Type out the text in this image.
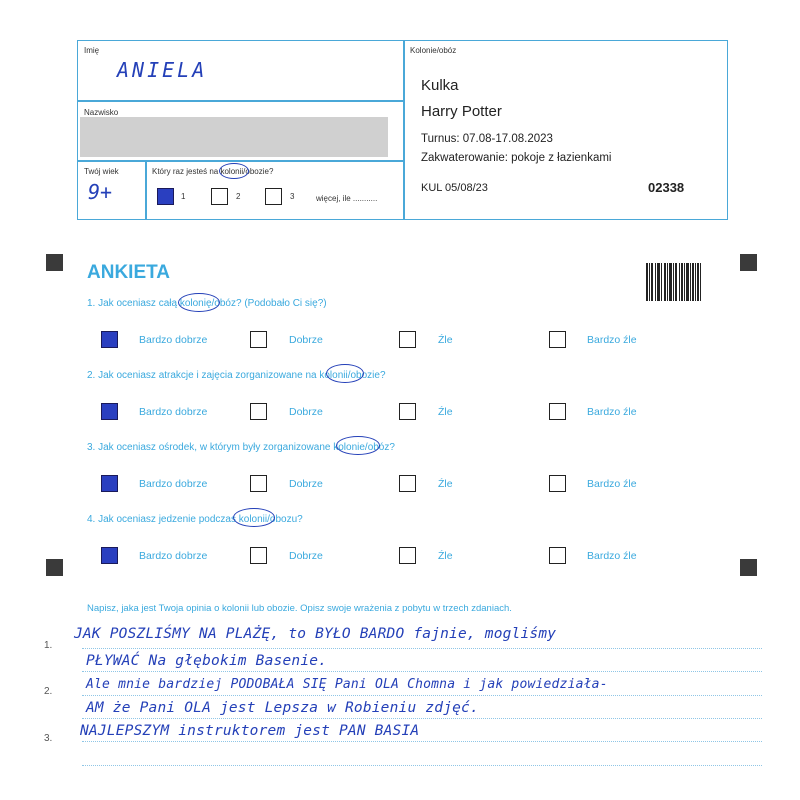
Imię
ANIELA
Nazwisko
Twój wiek
9+
Który raz jesteś na kolonii/obozie?
1	2	3	więcej, ile ...........
Kolonie/obóz
Kulka
Harry Potter
Turnus: 07.08-17.08.2023
Zakwaterowanie: pokoje z łazienkami
KUL 05/08/23	02338
ANKIETA
1. Jak oceniasz całą kolonię/obóz? (Podobało Ci się?)
Bardzo dobrze	Dobrze	Źle	Bardzo źle
2. Jak oceniasz atrakcje i zajęcia zorganizowane na kolonii/obozie?
Bardzo dobrze	Dobrze	Źle	Bardzo źle
3. Jak oceniasz ośrodek, w którym były zorganizowane kolonie/obóz?
Bardzo dobrze	Dobrze	Źle	Bardzo źle
4. Jak oceniasz jedzenie podczas kolonii/obozu?
Bardzo dobrze	Dobrze	Źle	Bardzo źle
Napisz, jaka jest Twoja opinia o kolonii lub obozie. Opisz swoje wrażenia z pobytu w trzech zdaniach.
1.
2.
3.
JAK POSZLIŚMY NA PLAŻĘ, to BYŁO BARDO fajnie, mogliśmy
PŁYWAĆ Na głębokim Basenie.
Ale mnie bardziej PODOBAŁA SIĘ Pani OLA Chomna i jak powiedziała-
AM że Pani OLA jest Lepsza w Robieniu zdjęć.
NAJLEPSZYM instruktorem jest PAN BASIA
